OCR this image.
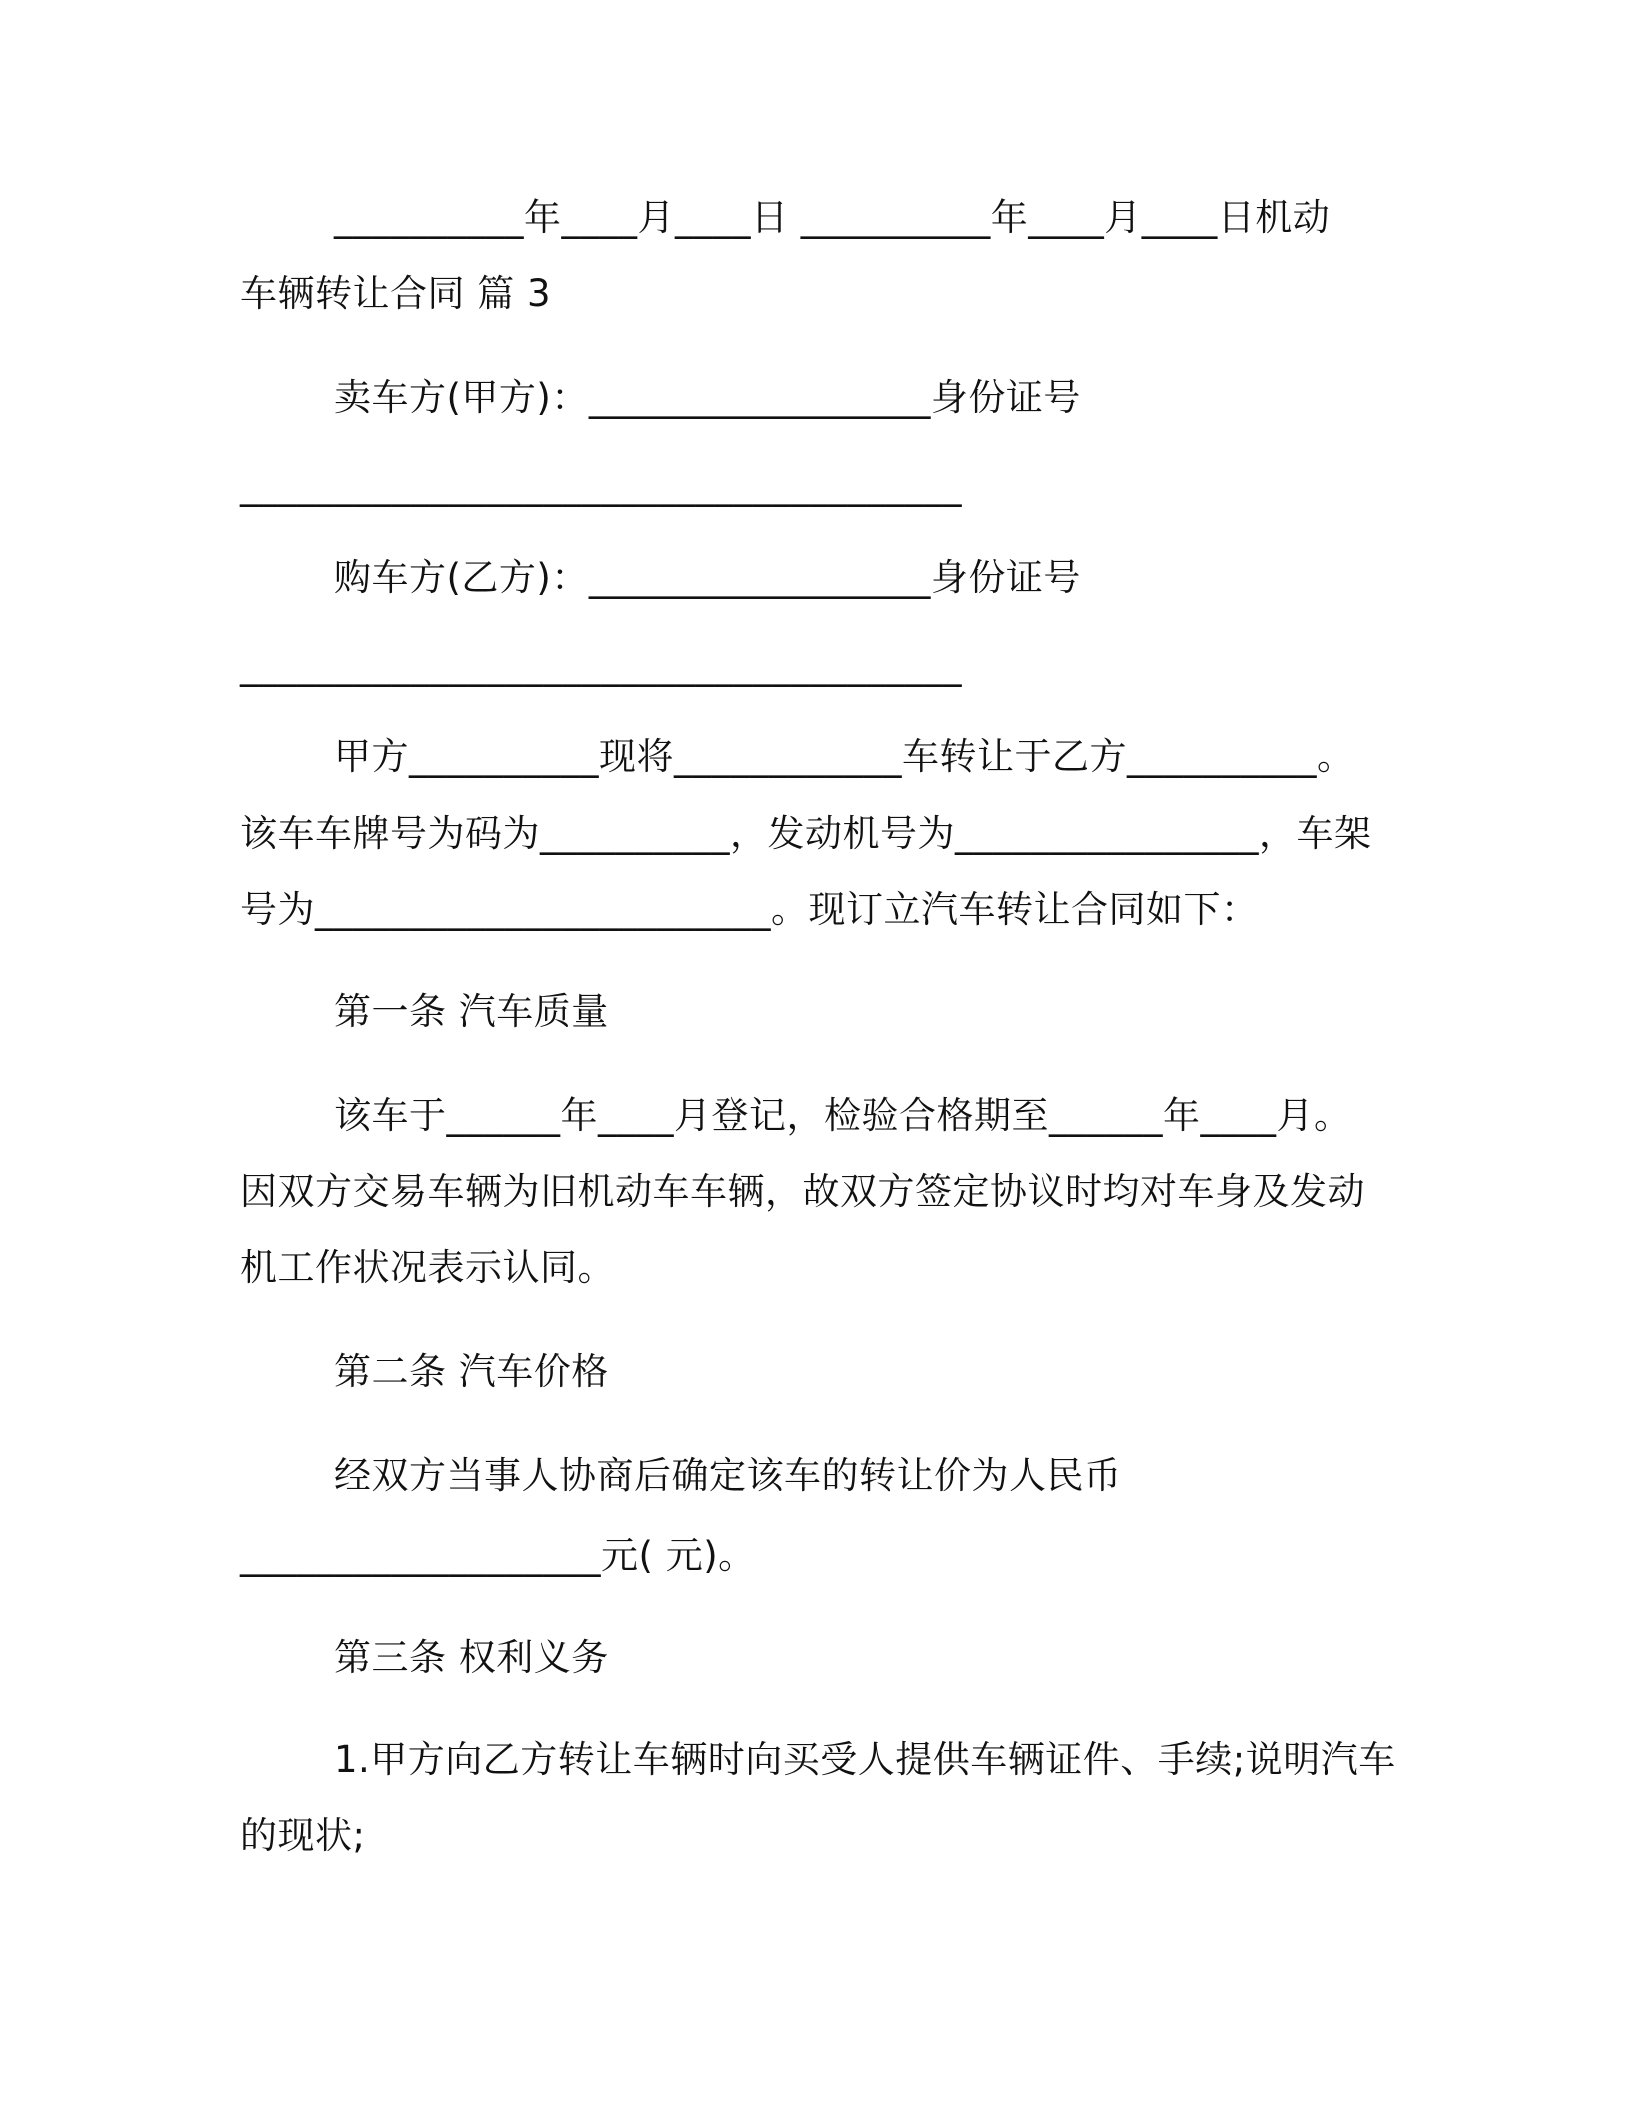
__________年____月____日 __________年____月____日机动
车辆转让合同 篇 3
卖车方(甲方)：__________________身份证号
______________________________________
购车方(乙方)：__________________身份证号
______________________________________
甲方__________现将____________车转让于乙方__________。
该车车牌号为码为__________，发动机号为________________，车架
号为________________________。现订立汽车转让合同如下：
第一条 汽车质量
该车于______年____月登记，检验合格期至______年____月。
因双方交易车辆为旧机动车车辆，故双方签定协议时均对车身及发动
机工作状况表示认同。
第二条 汽车价格
经双方当事人协商后确定该车的转让价为人民币
___________________元( 元)。
第三条 权利义务
1.甲方向乙方转让车辆时向买受人提供车辆证件、手续;说明汽车
的现状;
